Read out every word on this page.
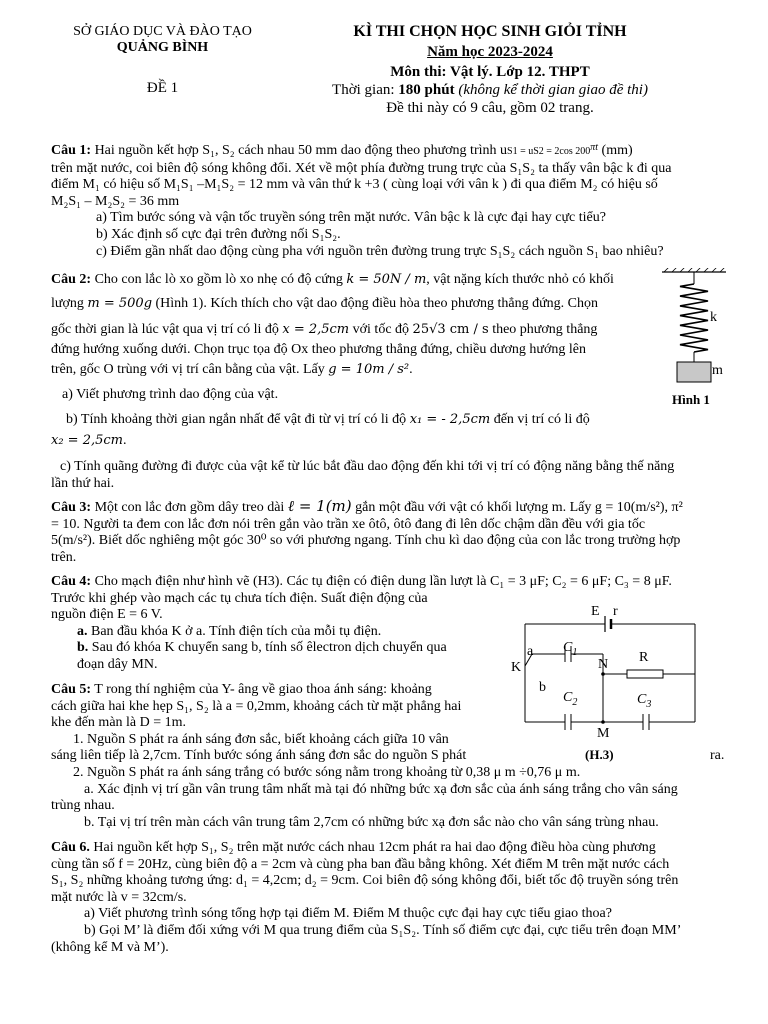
SỞ GIÁO DỤC VÀ ĐÀO TẠO
QUẢNG BÌNH
ĐỀ 1
KÌ THI CHỌN HỌC SINH GIỎI TỈNH
Năm học 2023-2024
Môn thi: Vật lý. Lớp 12. THPT
Thời gian: 180 phút (không kể thời gian giao đề thi)
Đề thi này có 9 câu, gồm 02 trang.
Câu 1: Hai nguồn kết hợp S₁, S₂ cách nhau 50 mm dao động theo phương trình uS1 = uS2 = 2cos $200^{\pi t}$ (mm)
trên mặt nước, coi biên độ sóng không đổi. Xét về một phía đường trung trực của S₁S₂ ta thấy vân bậc k đi qua
điểm M₁ có hiệu số M₁S₁ –M₁S₂ = 12 mm và vân thứ k +3 ( cùng loại với vân k ) đi qua điểm M₂ có hiệu số
M₂S₁ – M₂S₂ = 36 mm
a) Tìm bước sóng và vận tốc truyền sóng trên mặt nước. Vân bậc k là cực đại hay cực tiểu?
b) Xác định số cực đại trên đường nối S₁S₂.
c) Điểm gần nhất dao động cùng pha với nguồn trên đường trung trực S₁S₂ cách nguồn S₁ bao nhiêu?
Câu 2: Cho con lắc lò xo gồm lò xo nhẹ có độ cứng k = 50N / m, vật nặng kích thước nhỏ có khối
lượng m = 500g (Hình 1). Kích thích cho vật dao động điều hòa theo phương thẳng đứng. Chọn
gốc thời gian là lúc vật qua vị trí có li độ x = 2,5cm với tốc độ 25√3 cm / s theo phương thẳng
đứng hướng xuống dưới. Chọn trục tọa độ Ox theo phương thẳng đứng, chiều dương hướng lên
trên, gốc O trùng với vị trí cân bằng của vật. Lấy g = 10m / s².
a) Viết phương trình dao động của vật.
b) Tính khoảng thời gian ngắn nhất để vật đi từ vị trí có li độ x₁ = - 2,5cm đến vị trí có li độ
x₂ = 2,5cm.
c) Tính quãng đường đi được của vật kể từ lúc bắt đầu dao động đến khi tới vị trí có động năng bằng thế năng
lần thứ hai.
k
m
Hình 1
Câu 3: Một con lắc đơn gồm dây treo dài ℓ = 1(m) gắn một đầu với vật có khối lượng m. Lấy g = 10(m/s²), π²
= 10. Người ta đem con lắc đơn nói trên gắn vào trần xe ôtô, ôtô đang đi lên dốc chậm dần đều với gia tốc
5(m/s²). Biết dốc nghiêng một góc 30⁰ so với phương ngang. Tính chu kì dao động của con lắc trong trường hợp
trên.
Câu 4: Cho mạch điện như hình vẽ (H3). Các tụ điện có điện dung lần lượt là C₁ = 3 μF; C₂ = 6 μF; C₃ = 8 μF.
Trước khi ghép vào mạch các tụ chưa tích điện. Suất điện động của
nguồn điện E = 6 V.
a. Ban đầu khóa K ở a. Tính điện tích của mỗi tụ điện.
b. Sau đó khóa K chuyển sang b, tính số êlectron dịch chuyển qua
đoạn dây MN.
Câu 5: T rong thí nghiệm của Y- âng về giao thoa ánh sáng: khoảng
cách giữa hai khe hẹp S₁, S₂ là a = 0,2mm, khoảng cách từ mặt phẳng hai
khe đến màn là D = 1m.
1. Nguồn S phát ra ánh sáng đơn sắc, biết khoảng cách giữa 10 vân
sáng liên tiếp là 2,7cm. Tính bước sóng ánh sáng đơn sắc do nguồn S phát	ra.
2. Nguồn S phát ra ánh sáng trắng có bước sóng nằm trong khoảng từ 0,38 μ m ÷0,76 μ m.
a. Xác định vị trí gần vân trung tâm nhất mà tại đó những bức xạ đơn sắc của ánh sáng trắng cho vân sáng
trùng nhau.
b. Tại vị trí trên màn cách vân trung tâm 2,7cm có những bức xạ đơn sắc nào cho vân sáng trùng nhau.
E r
a
K
b
$C_1$
N R
$C_2$	$C_3$
M
(H.3)
Câu 6. Hai nguồn kết hợp S₁, S₂ trên mặt nước cách nhau 12cm phát ra hai dao động điều hòa cùng phương
cùng tần số f = 20Hz, cùng biên độ a = 2cm và cùng pha ban đầu bằng không. Xét điểm M trên mặt nước cách
S₁, S₂ những khoảng tương ứng: d₁ = 4,2cm; d₂ = 9cm. Coi biên độ sóng không đổi, biết tốc độ truyền sóng trên
mặt nước là v = 32cm/s.
a) Viết phương trình sóng tổng hợp tại điểm M. Điểm M thuộc cực đại hay cực tiểu giao thoa?
b) Gọi M’ là điểm đối xứng với M qua trung điểm của S₁S₂. Tính số điểm cực đại, cực tiểu trên đoạn MM’
(không kể M và M’).
